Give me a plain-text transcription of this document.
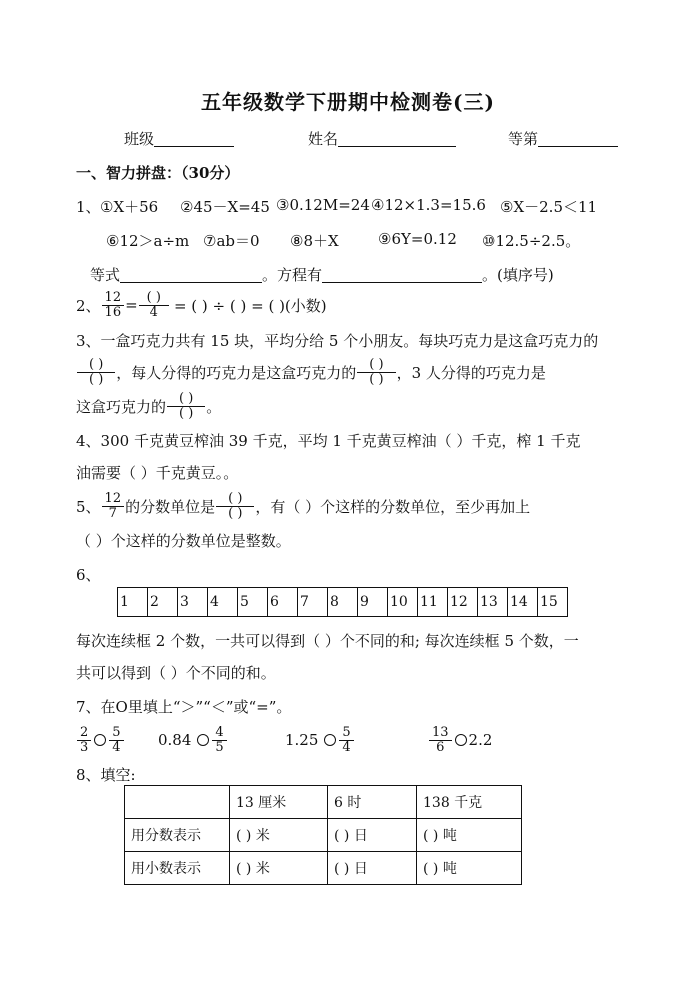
五年级数学下册期中检测卷(三)
班级	姓名	等第
一、智力拼盘：（30分）
1、 ①X＋56 ②45－X=45 ③0.12M=24 ④12×1.3=15.6 ⑤X－2.5＜11
⑥12＞a÷m ⑦ab＝0 ⑧8＋X	⑨6Y=0.12 ⑩12.5÷2.5。
等式	。方程有	。(填序号)
2、 $\frac{12}{16} = \frac{( )}{4}$ = ( ) ÷ ( ) = ( )(小数)
3、一盒巧克力共有 15 块，平均分给 5 个小朋友。每块巧克力是这盒巧克力的
$\frac{( )}{( )}$ ，每人分得的巧克力是这盒巧克力的 $\frac{( )}{( )}$ ，3 人分得的巧克力是
这盒巧克力的 $\frac{( )}{( )}$ 。
4、300 千克黄豆榨油 39 千克，平均 1 千克黄豆榨油（ ）千克，榨 1 千克
油需要（ ）千克黄豆。。
5、 $\frac{12}{7}$ 的分数单位是 $\frac{( )}{( )}$ ，有（ ）个这样的分数单位，至少再加上
（ ）个这样的分数单位是整数。
6、
1	2	3	4	5	6	7	8	9	10	11	12	13	14	15
每次连续框 2 个数，一共可以得到（ ）个不同的和; 每次连续框 5 个数，一
共可以得到（ ）个不同的和。
7、在O里填上“＞”“＜”或“=”。
$\frac{2}{3} \frac{5}{4} 0.84 \frac{4}{5}$	$1.25 \frac{5}{4}$	$\frac{13}{6} 2.2$
8、填空:
	13 厘米	6 时	138 千克
用分数表示	( ) 米	( ) 日	( ) 吨
用小数表示	( ) 米	( ) 日	( ) 吨
